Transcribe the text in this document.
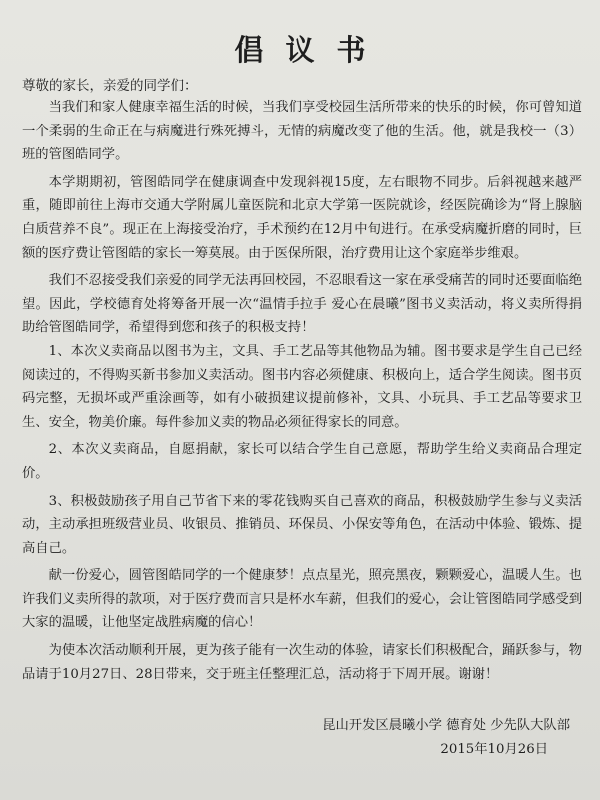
倡议书
尊敬的家长，亲爱的同学们：

当我们和家人健康幸福生活的时候，当我们享受校园生活所带来的快乐的时候，你可曾知道一个柔弱的生命正在与病魔进行殊死搏斗，无情的病魔改变了他的生活。他，就是我校一（3）班的管图皓同学。

本学期期初，管图皓同学在健康调查中发现斜视15度，左右眼物不同步。后斜视越来越严重，随即前往上海市交通大学附属儿童医院和北京大学第一医院就诊，经医院确诊为“肾上腺脑白质营养不良”。现正在上海接受治疗，手术预约在12月中旬进行。在承受病魔折磨的同时，巨额的医疗费让管图皓的家长一筹莫展。由于医保所限，治疗费用让这个家庭举步维艰。

我们不忍接受我们亲爱的同学无法再回校园，不忍眼看这一家在承受痛苦的同时还要面临绝望。因此，学校德育处将筹备开展一次“温情手拉手 爱心在晨曦”图书义卖活动，将义卖所得捐助给管图皓同学，希望得到您和孩子的积极支持！

1、本次义卖商品以图书为主，文具、手工艺品等其他物品为辅。图书要求是学生自己已经阅读过的，不得购买新书参加义卖活动。图书内容必须健康、积极向上，适合学生阅读。图书页码完整，无损坏或严重涂画等，如有小破损建议提前修补，文具、小玩具、手工艺品等要求卫生、安全，物美价廉。每件参加义卖的物品必须征得家长的同意。

2、本次义卖商品，自愿捐献，家长可以结合学生自己意愿，帮助学生给义卖商品合理定价。

3、积极鼓励孩子用自己节省下来的零花钱购买自己喜欢的商品，积极鼓励学生参与义卖活动，主动承担班级营业员、收银员、推销员、环保员、小保安等角色，在活动中体验、锻炼、提高自己。

献一份爱心，圆管图皓同学的一个健康梦！点点星光，照亮黑夜，颗颗爱心，温暖人生。也许我们义卖所得的款项，对于医疗费而言只是杯水车薪，但我们的爱心，会让管图皓同学感受到大家的温暖，让他坚定战胜病魔的信心！

为使本次活动顺利开展，更为孩子能有一次生动的体验，请家长们积极配合，踊跃参与，物品请于10月27日、28日带来，交于班主任整理汇总，活动将于下周开展。谢谢！

昆山开发区晨曦小学 德育处 少先队大队部
2015年10月26日
